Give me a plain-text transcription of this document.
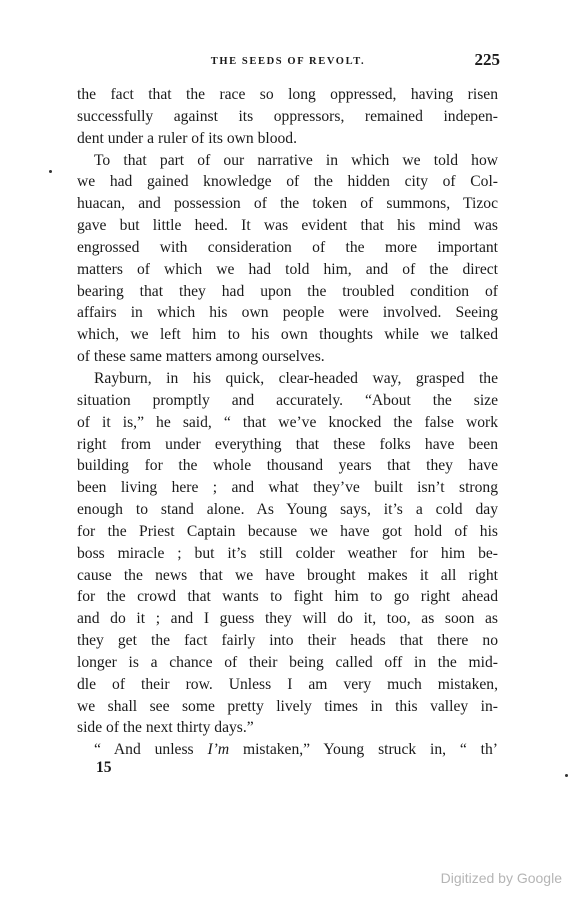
THE SEEDS OF REVOLT.	225
the fact that the race so long oppressed, having risen
successfully against its oppressors, remained indepen-
dent under a ruler of its own blood.
To that part of our narrative in which we told how
we had gained knowledge of the hidden city of Col-
huacan, and possession of the token of summons, Tizoc
gave but little heed. It was evident that his mind was
engrossed with consideration of the more important
matters of which we had told him, and of the direct
bearing that they had upon the troubled condition of
affairs in which his own people were involved. Seeing
which, we left him to his own thoughts while we talked
of these same matters among ourselves.
Rayburn, in his quick, clear-headed way, grasped the
situation promptly and accurately. “About the size
of it is,” he said, “ that we’ve knocked the false work
right from under everything that these folks have been
building for the whole thousand years that they have
been living here ; and what they’ve built isn’t strong
enough to stand alone. As Young says, it’s a cold day
for the Priest Captain because we have got hold of his
boss miracle ; but it’s still colder weather for him be-
cause the news that we have brought makes it all right
for the crowd that wants to fight him to go right ahead
and do it ; and I guess they will do it, too, as soon as
they get the fact fairly into their heads that there no
longer is a chance of their being called off in the mid-
dle of their row. Unless I am very much mistaken,
we shall see some pretty lively times in this valley in-
side of the next thirty days.”
“ And unless I’m mistaken,” Young struck in, “ th’
15
Digitized by Google
